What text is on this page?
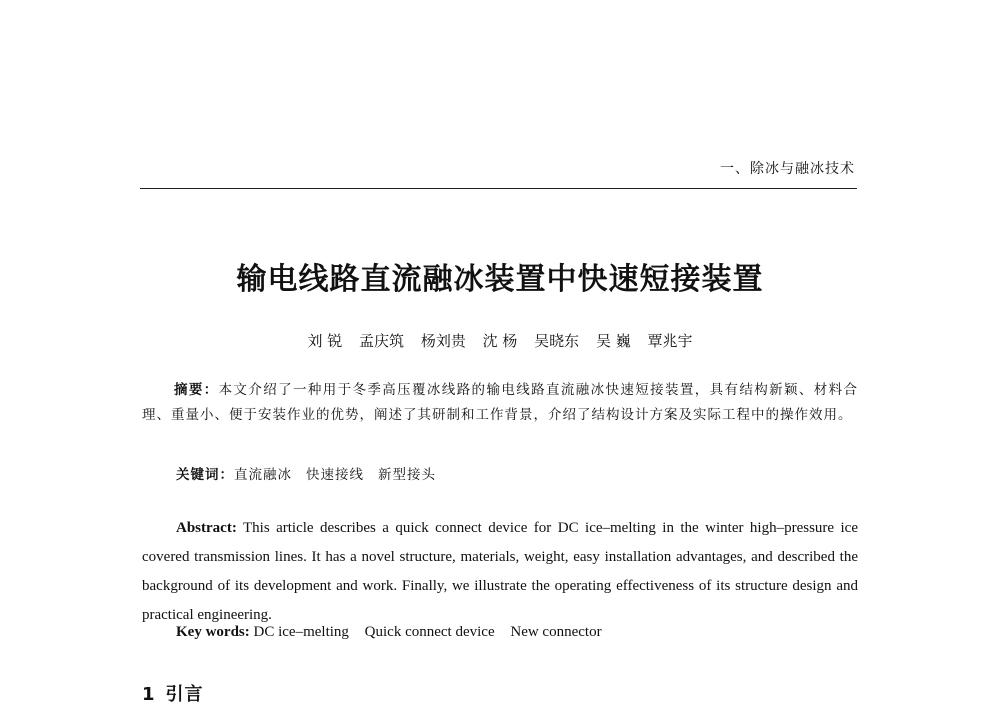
一、除冰与融冰技术
输电线路直流融冰装置中快速短接装置
刘 锐 孟庆筑 杨刘贵 沈 杨 吴晓东 吴 巍 覃兆宇
摘要：本文介绍了一种用于冬季高压覆冰线路的输电线路直流融冰快速短接装置，具有结构新颖、材料合理、重量小、便于安装作业的优势，阐述了其研制和工作背景，介绍了结构设计方案及实际工程中的操作效用。
关键词：直流融冰 快速接线 新型接头
Abstract: This article describes a quick connect device for DC ice–melting in the winter high–pressure ice covered transmission lines. It has a novel structure, materials, weight, easy installation advantages, and described the background of its development and work. Finally, we illustrate the operating effectiveness of its structure design and practical engineering.
Key words: DC ice–melting Quick connect device New connector
1 引言
